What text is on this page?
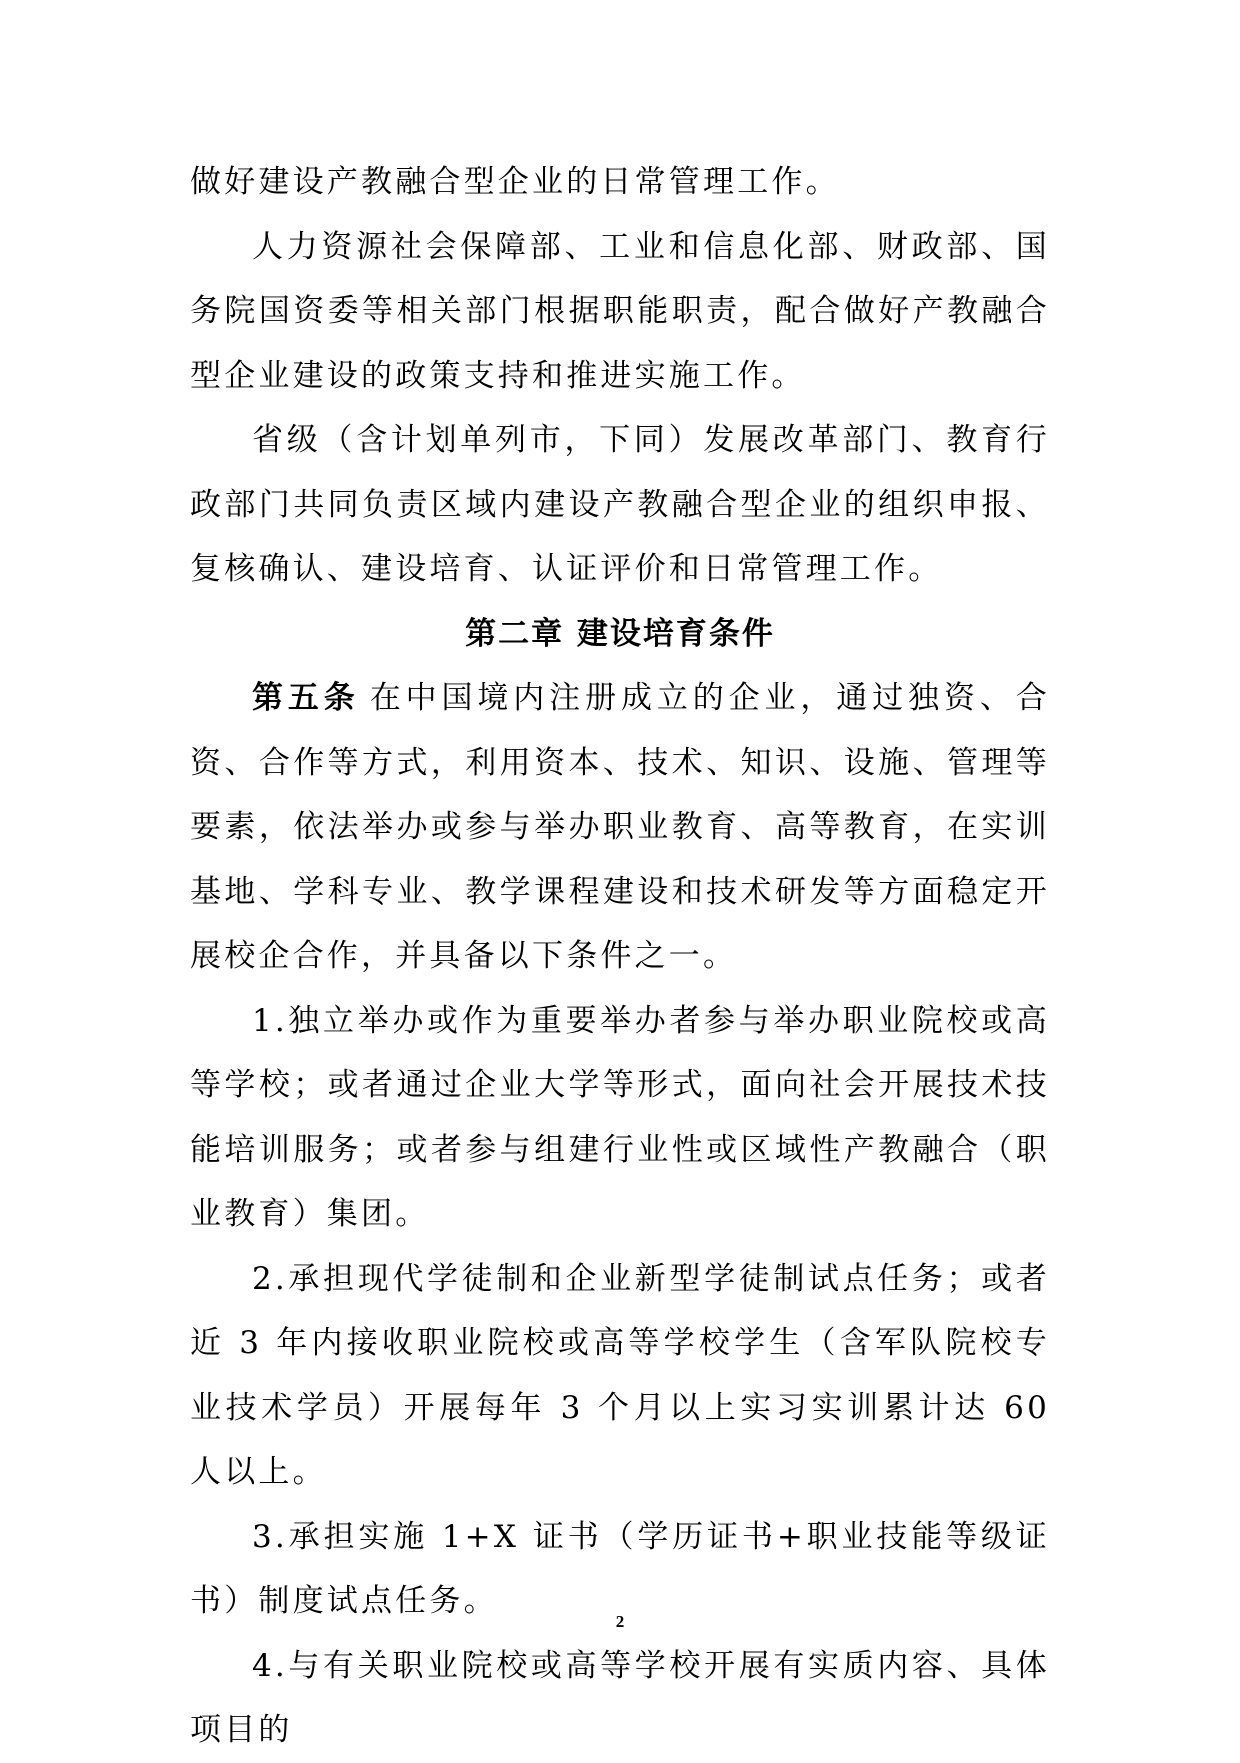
做好建设产教融合型企业的日常管理工作。

人力资源社会保障部、工业和信息化部、财政部、国务院国资委等相关部门根据职能职责，配合做好产教融合型企业建设的政策支持和推进实施工作。

省级（含计划单列市，下同）发展改革部门、教育行政部门共同负责区域内建设产教融合型企业的组织申报、复核确认、建设培育、认证评价和日常管理工作。

第二章 建设培育条件

第五条 在中国境内注册成立的企业，通过独资、合资、合作等方式，利用资本、技术、知识、设施、管理等要素，依法举办或参与举办职业教育、高等教育，在实训基地、学科专业、教学课程建设和技术研发等方面稳定开展校企合作，并具备以下条件之一。

1.独立举办或作为重要举办者参与举办职业院校或高等学校；或者通过企业大学等形式，面向社会开展技术技能培训服务；或者参与组建行业性或区域性产教融合（职业教育）集团。

2.承担现代学徒制和企业新型学徒制试点任务；或者近 3 年内接收职业院校或高等学校学生（含军队院校专业技术学员）开展每年 3 个月以上实习实训累计达 60 人以上。

3.承担实施 1+X 证书（学历证书+职业技能等级证书）制度试点任务。

4.与有关职业院校或高等学校开展有实质内容、具体项目的

2
